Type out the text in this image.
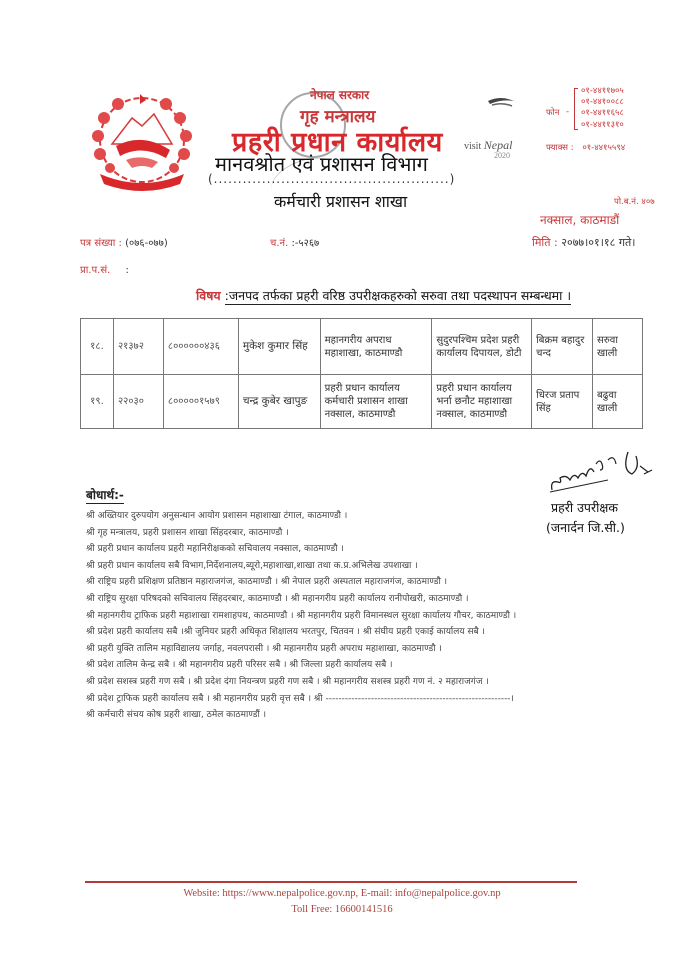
नेपाल सरकार
गृह मन्त्रालय
प्रहरी प्रधान कार्यालय visit Nepal
2020
मानवश्रोत एवं प्रशासन विभाग
(.................................................)
कर्मचारी प्रशासन शाखा
फोन -
०१-४४११७०५
०१-४४१००८८
०१-४४११६५८
०१-४४११३१०
फ्याक्स : ०१-४४१५५९४
पो.ब.नं. ४०७
नक्साल, काठमाडौं
पत्र संख्या : (०७६-०७७)	च.नं. :-५२६७	मिति : २०७७।०१।१८ गते।
प्रा.प.सं. :
विषय :जनपद तर्फका प्रहरी वरिष्ठ उपरीक्षकहरुको सरुवा तथा पदस्थापन सम्बन्धमा ।
१८.	२१३७२	८००००००४३६	मुकेश कुमार सिंह	महानगरीय अपराध महाशाखा, काठमाण्डौ	सुदुरपश्चिम प्रदेश प्रहरी कार्यालय दिपायल, डोटी	बिक्रम बहादुर चन्द	सरुवा खाली
१९.	२२०३०	८०००००१५७९	चन्द्र कुबेर खापुङ	प्रहरी प्रधान कार्यालय कर्मचारी प्रशासन शाखा नक्साल, काठमाण्डौ	प्रहरी प्रधान कार्यालय भर्ना छनौट महाशाखा नक्साल, काठमाण्डौ	धिरज प्रताप सिंह	बढुवा खाली
प्रहरी उपरीक्षक
(जनार्दन जि.सी.)
बोधार्थ:-
श्री अख्तियार दुरुपयोग अनुसन्धान आयोग प्रशासन महाशाखा टंगाल, काठमाण्डौ ।
श्री गृह मन्त्रालय, प्रहरी प्रशासन शाखा सिंहदरबार, काठमाण्डौ ।
श्री प्रहरी प्रधान कार्यालय प्रहरी महानिरीक्षकको सचिवालय नक्साल, काठमाण्डौ ।
श्री प्रहरी प्रधान कार्यालय सबै विभाग,निर्देशनालय,ब्यूरो,महाशाखा,शाखा तथा क.प्र.अभिलेख उपशाखा ।
श्री राष्ट्रिय प्रहरी प्रशिक्षण प्रतिष्ठान महाराजगंज, काठमाण्डौ । श्री नेपाल प्रहरी अस्पताल महाराजगंज, काठमाण्डौ ।
श्री राष्ट्रिय सुरक्षा परिषदको सचिवालय सिंहदरबार, काठमाण्डौ । श्री महानगरीय प्रहरी कार्यालय रानीपोखरी, काठमाण्डौ ।
श्री महानगरीय ट्राफिक प्रहरी महाशाखा रामशाहपथ, काठमाण्डौ । श्री महानगरीय प्रहरी विमानस्थल सुरक्षा कार्यालय गौचर, काठमाण्डौ ।
श्री प्रदेश प्रहरी कार्यालय सबै ।श्री जुनियर प्रहरी अधिकृत शिक्षालय भरतपुर, चितवन । श्री संघीय प्रहरी एकाई कार्यालय सबै ।
श्री प्रहरी युक्ति तालिम महाविद्यालय जर्गाह, नवलपरासी । श्री महानगरीय प्रहरी अपराध महाशाखा, काठमाण्डौ ।
श्री प्रदेश तालिम केन्द्र सबै । श्री महानगरीय प्रहरी परिसर सबै । श्री जिल्ला प्रहरी कार्यालय सबै ।
श्री प्रदेश सशस्त्र प्रहरी गण सबै । श्री प्रदेश दंगा नियन्त्रण प्रहरी गण सबै । श्री महानगरीय सशस्त्र प्रहरी गण नं. २ महाराजगंज ।
श्री प्रदेश ट्राफिक प्रहरी कार्यालय सबै । श्री महानगरीय प्रहरी वृत्त सबै । श्री ---------------------------------------------------------।
श्री कर्मचारी संचय कोष प्रहरी शाखा, ठमेल काठमाण्डौं ।
Website: https://www.nepalpolice.gov.np, E-mail: info@nepalpolice.gov.np
Toll Free: 16600141516
